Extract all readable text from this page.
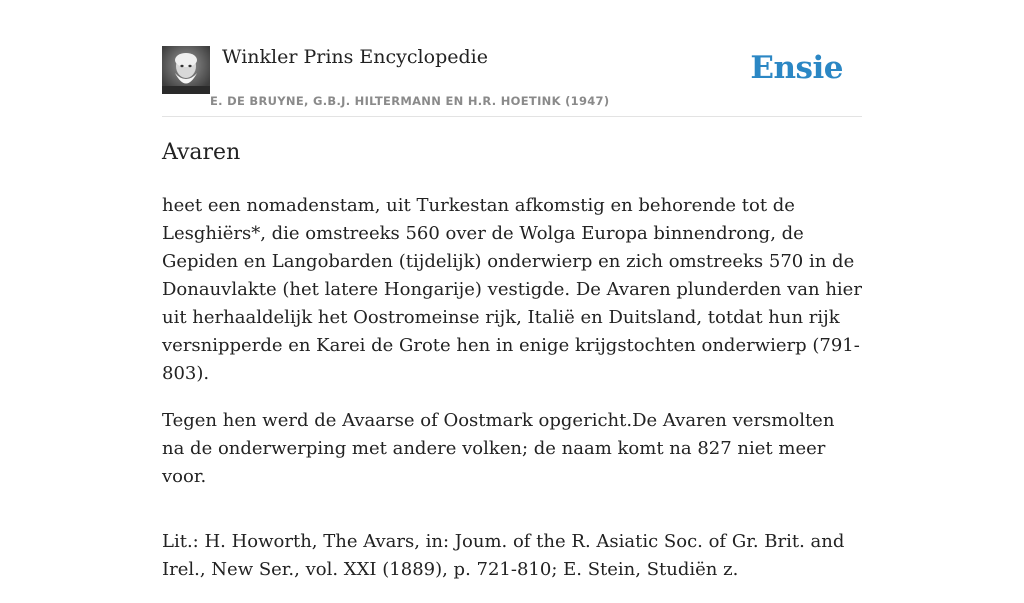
Winkler Prins Encyclopedie
E. DE BRUYNE, G.B.J. HILTERMANN EN H.R. HOETINK (1947)
Ensie
Avaren

heet een nomadenstam, uit Turkestan afkomstig en behorende tot de Lesghiërs*, die omstreeks 560 over de Wolga Europa binnendrong, de Gepiden en Langobarden (tijdelijk) onderwierp en zich omstreeks 570 in de Donauvlakte (het latere Hongarije) vestigde. De Avaren plunderden van hier uit herhaaldelijk het Oostromeinse rijk, Italië en Duitsland, totdat hun rijk versnipperde en Karei de Grote hen in enige krijgstochten onderwierp (791-803).

Tegen hen werd de Avaarse of Oostmark opgericht.De Avaren versmolten na de onderwerping met andere volken; de naam komt na 827 niet meer voor.

Lit.: H. Howorth, The Avars, in: Joum. of the R. Asiatic Soc. of Gr. Brit. and Irel., New Ser., vol. XXI (1889), p. 721-810; E. Stein, Studiën z.
